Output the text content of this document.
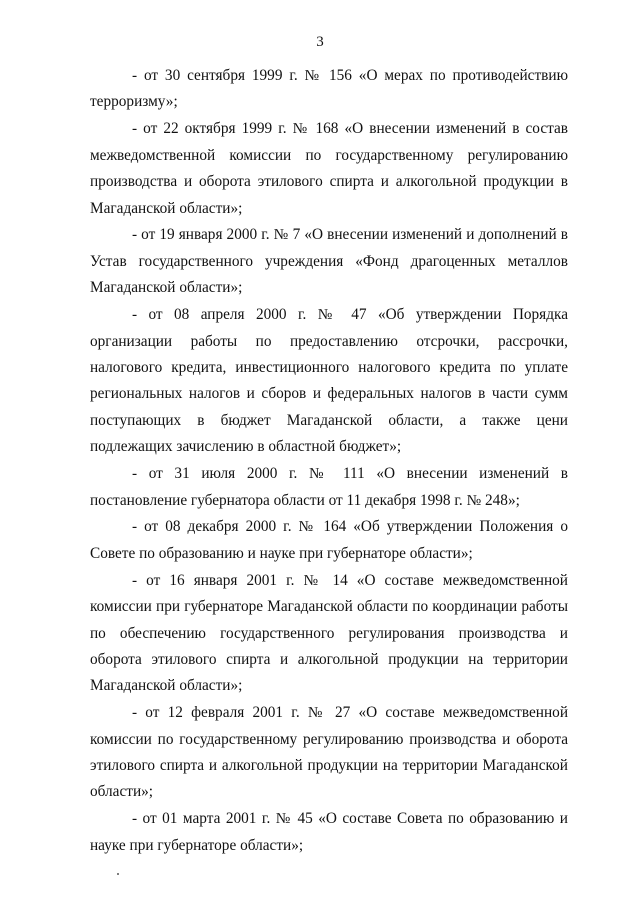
3

- от 30 сентября 1999 г. № 156 «О мерах по противодействию терроризму»;

- от 22 октября 1999 г. № 168 «О внесении изменений в состав межведомственной комиссии по государственному регулированию производства и оборота этилового спирта и алкогольной продукции в Магаданской области»;

- от 19 января 2000 г. № 7 «О внесении изменений и дополнений в Устав государственного учреждения «Фонд драгоценных металлов Магаданской области»;

- от 08 апреля 2000 г. № 47 «Об утверждении Порядка организации работы по предоставлению отсрочки, рассрочки, налогового кредита, инвестиционного налогового кредита по уплате региональных налогов и сборов и федеральных налогов в части сумм поступающих в бюджет Магаданской области, а также цени подлежащих зачислению в областной бюджет»;

- от 31 июля 2000 г. № 111 «О внесении изменений в постановление губернатора области от 11 декабря 1998 г. № 248»;

- от 08 декабря 2000 г. № 164 «Об утверждении Положения о Совете по образованию и науке при губернаторе области»;

- от 16 января 2001 г. № 14 «О составе межведомственной комиссии при губернаторе Магаданской области по координации работы по обеспечению государственного регулирования производства и оборота этилового спирта и алкогольной продукции на территории Магаданской области»;

- от 12 февраля 2001 г. № 27 «О составе межведомственной комиссии по государственному регулированию производства и оборота этилового спирта и алкогольной продукции на территории Магаданской области»;

- от 01 марта 2001 г. № 45 «О составе Совета по образованию и науке при губернаторе области»;
